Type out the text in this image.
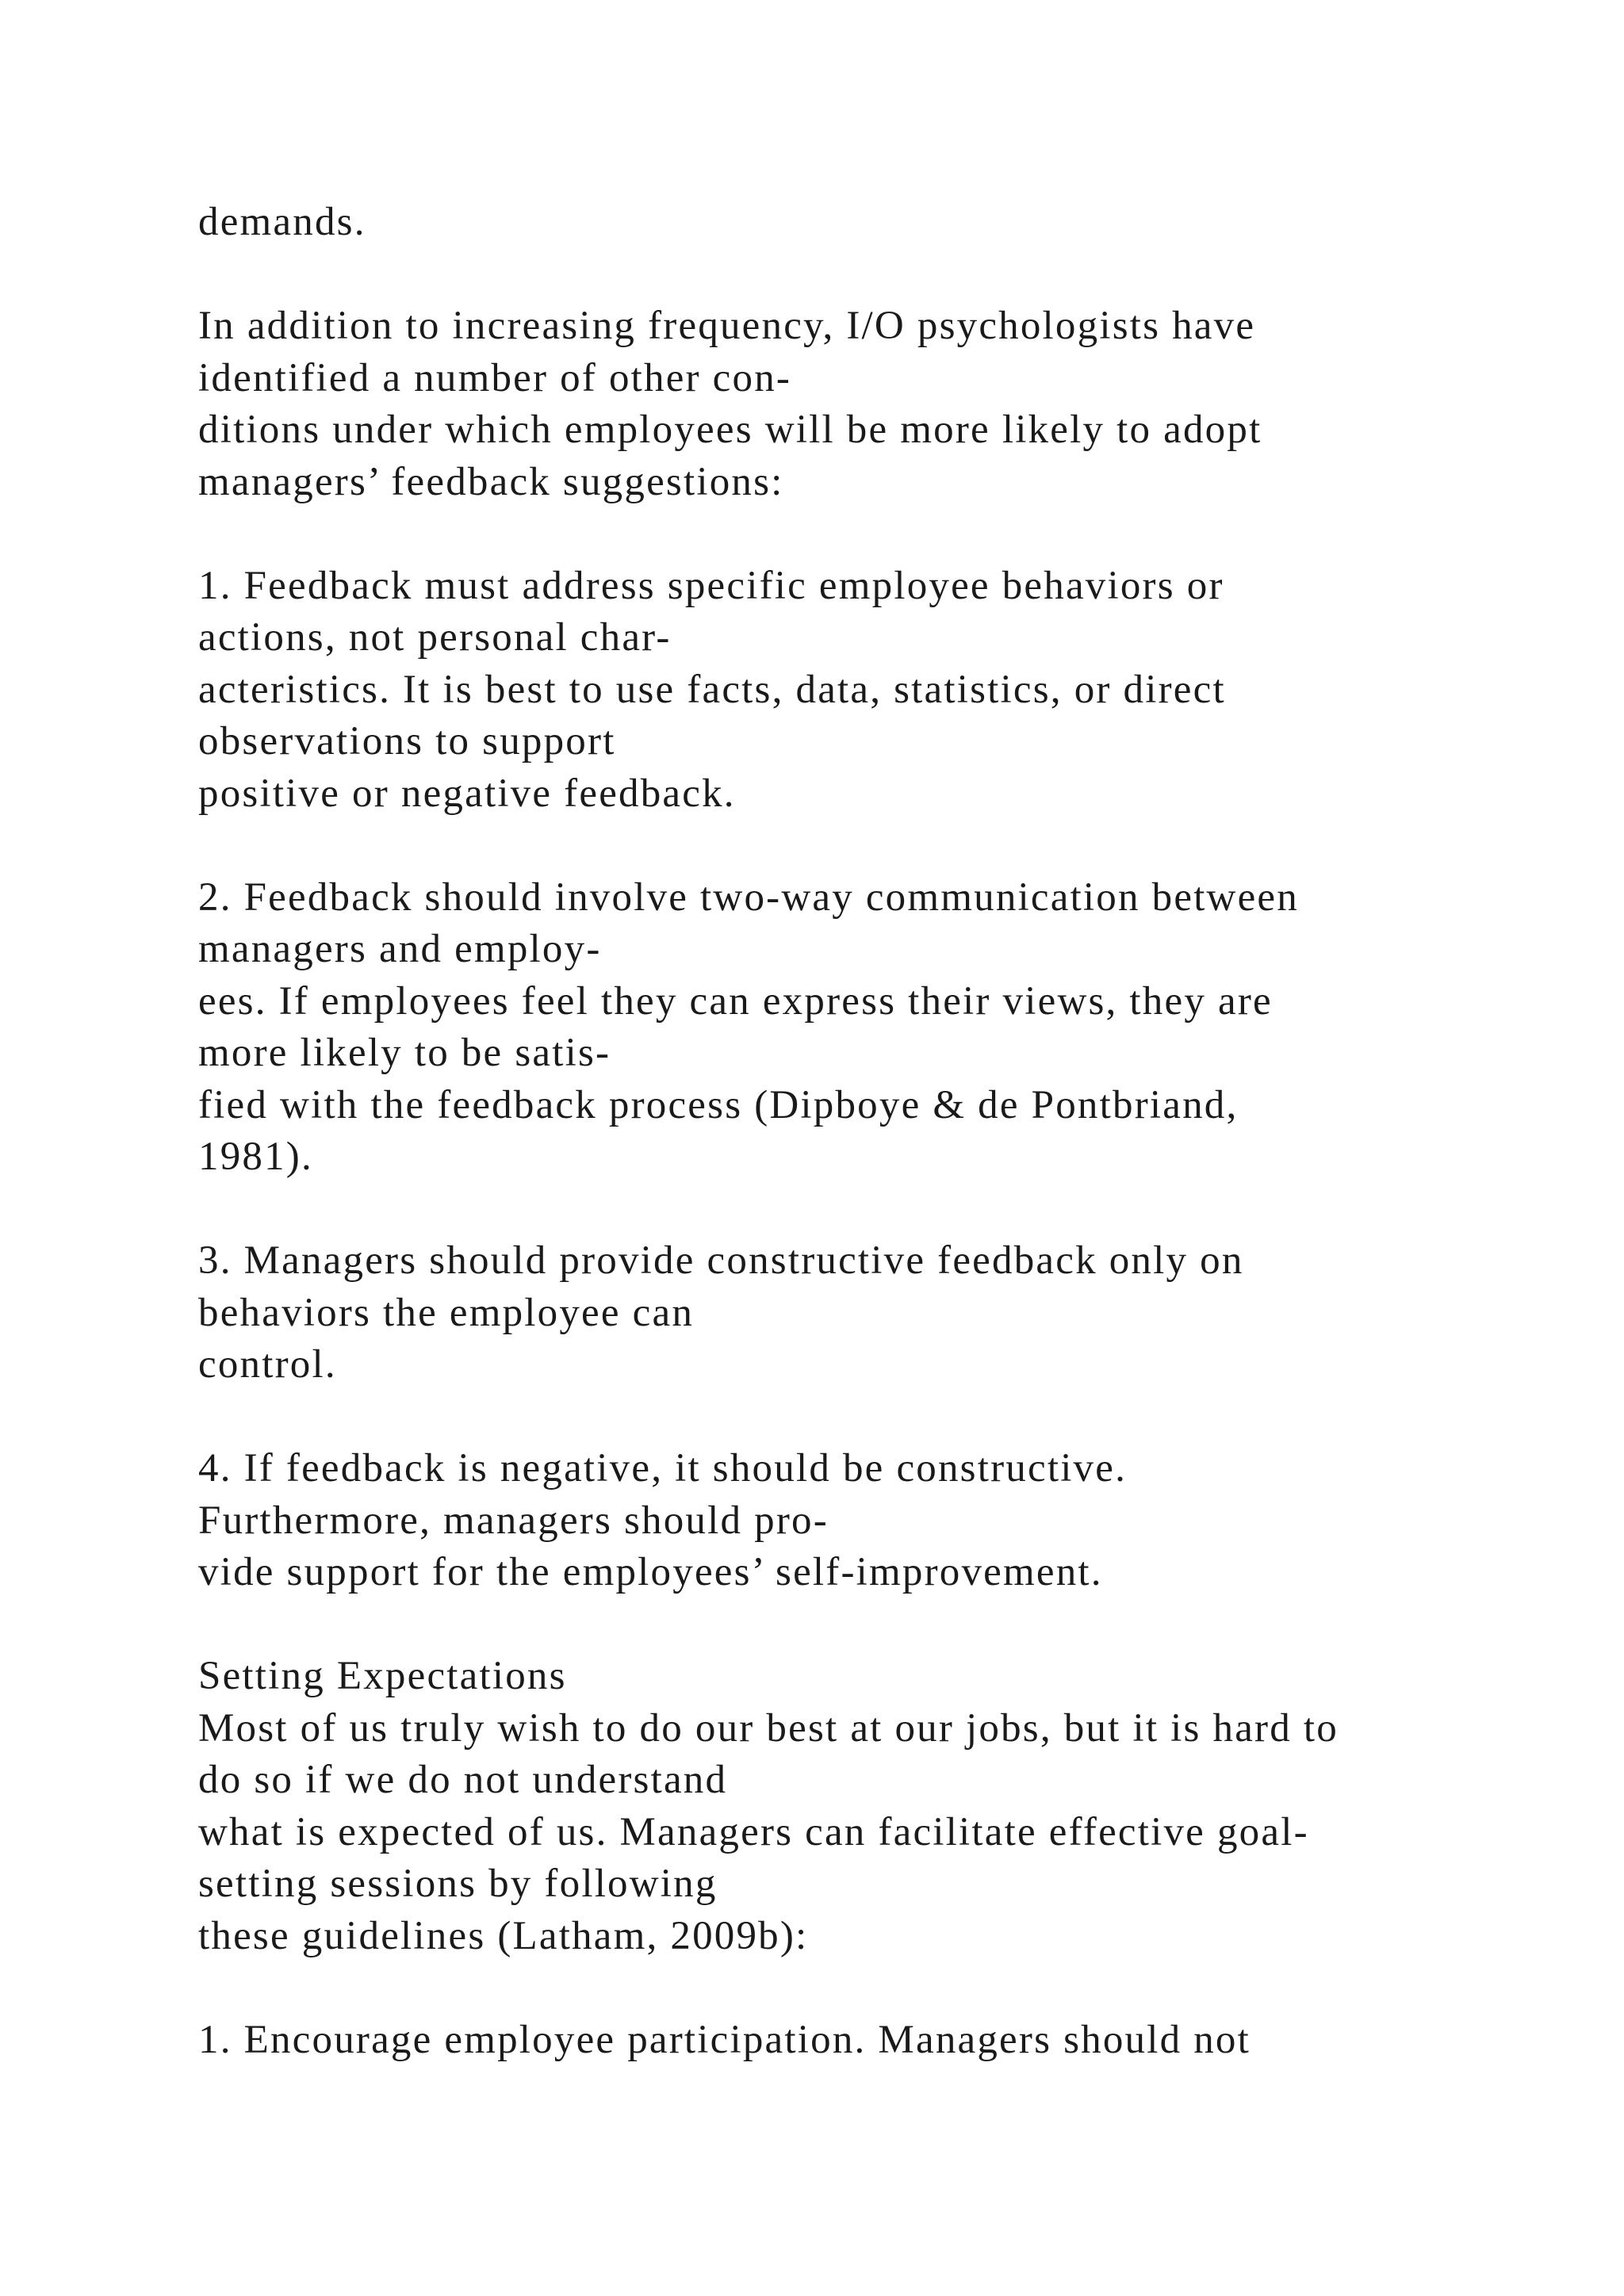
demands.
In addition to increasing frequency, I/O psychologists have
identified a number of other con-
ditions under which employees will be more likely to adopt
managers’ feedback suggestions:
1. Feedback must address specific employee behaviors or
actions, not personal char-
acteristics. It is best to use facts, data, statistics, or direct
observations to support
positive or negative feedback.
2. Feedback should involve two-way communication between
managers and employ-
ees. If employees feel they can express their views, they are
more likely to be satis-
fied with the feedback process (Dipboye & de Pontbriand,
1981).
3. Managers should provide constructive feedback only on
behaviors the employee can
control.
4. If feedback is negative, it should be constructive.
Furthermore, managers should pro-
vide support for the employees’ self-improvement.
Setting Expectations
Most of us truly wish to do our best at our jobs, but it is hard to
do so if we do not understand
what is expected of us. Managers can facilitate effective goal-
setting sessions by following
these guidelines (Latham, 2009b):
1. Encourage employee participation. Managers should not
